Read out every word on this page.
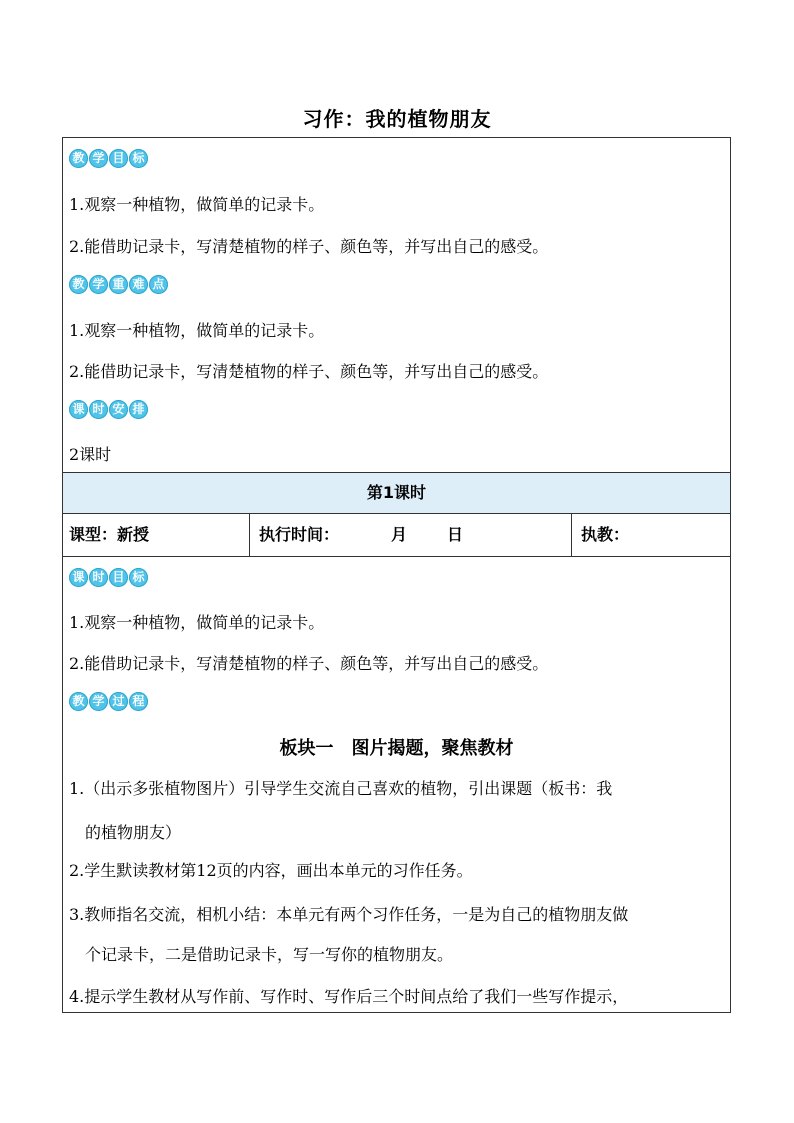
习作：我的植物朋友
教 学 目 标
1.观察一种植物，做简单的记录卡。
2.能借助记录卡，写清楚植物的样子、颜色等，并写出自己的感受。
教 学 重 难 点
1.观察一种植物，做简单的记录卡。
2.能借助记录卡，写清楚植物的样子、颜色等，并写出自己的感受。
课 时 安 排
2课时
第1课时
课型：新授	执行时间：	月 日	执教：
课 时 目 标
1.观察一种植物，做简单的记录卡。
2.能借助记录卡，写清楚植物的样子、颜色等，并写出自己的感受。
教 学 过 程
板块一　图片揭题，聚焦教材
1.（出示多张植物图片）引导学生交流自己喜欢的植物，引出课题（板书：我
　的植物朋友）
2.学生默读教材第12页的内容，画出本单元的习作任务。
3.教师指名交流，相机小结：本单元有两个习作任务，一是为自己的植物朋友做
　个记录卡，二是借助记录卡，写一写你的植物朋友。
4.提示学生教材从写作前、写作时、写作后三个时间点给了我们一些写作提示，
